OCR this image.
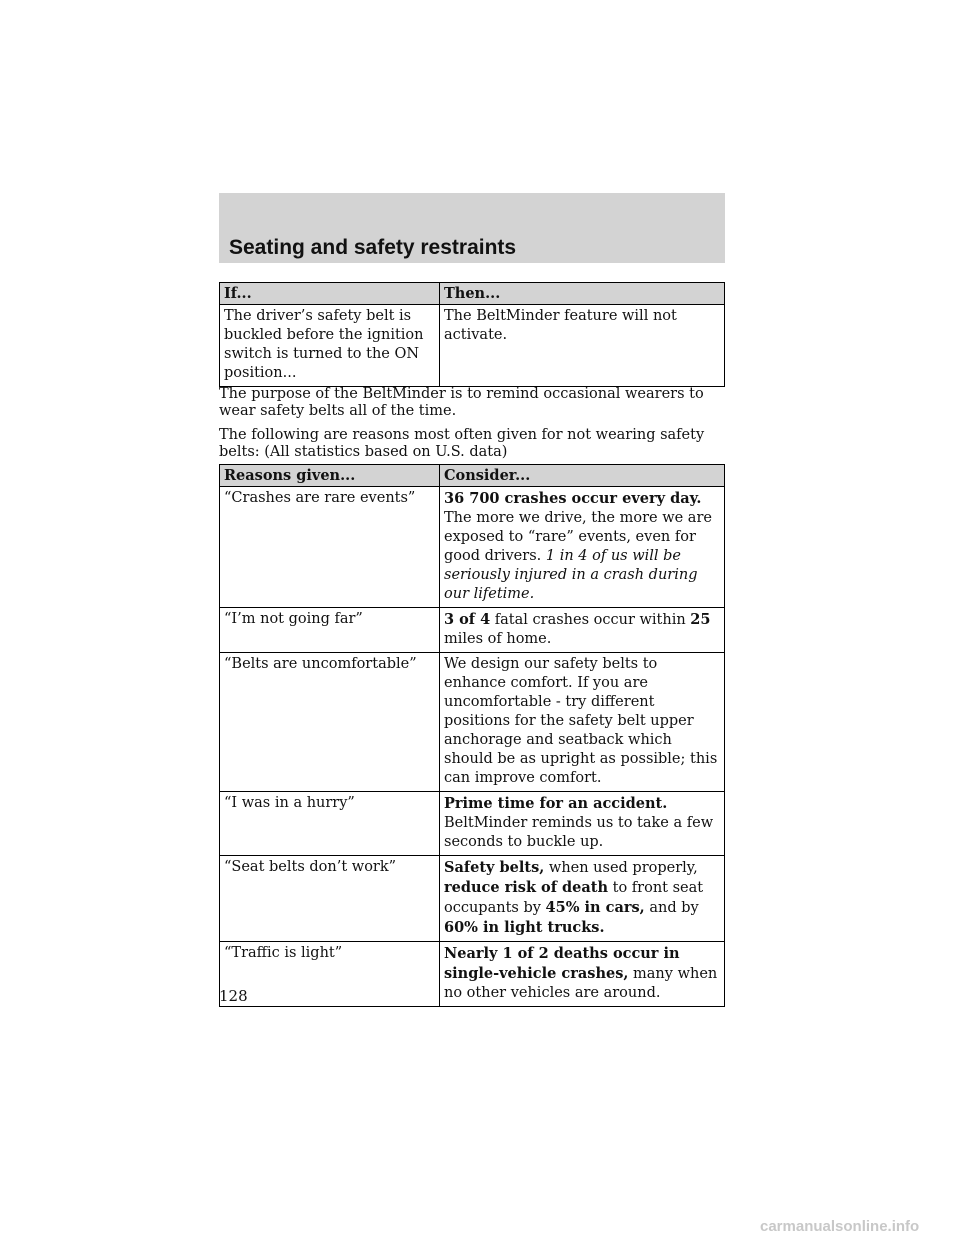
Seating and safety restraints
If...	Then...
The driver’s safety belt is buckled before the ignition switch is turned to the ON position...	The BeltMinder feature will not activate.

The purpose of the BeltMinder is to remind occasional wearers to wear safety belts all of the time.

The following are reasons most often given for not wearing safety belts: (All statistics based on U.S. data)

Reasons given...	Consider...
“Crashes are rare events”	36 700 crashes occur every day. The more we drive, the more we are exposed to “rare” events, even for good drivers. 1 in 4 of us will be seriously injured in a crash during our lifetime.
“I’m not going far”	3 of 4 fatal crashes occur within 25 miles of home.
“Belts are uncomfortable”	We design our safety belts to enhance comfort. If you are uncomfortable - try different positions for the safety belt upper anchorage and seatback which should be as upright as possible; this can improve comfort.
“I was in a hurry”	Prime time for an accident. BeltMinder reminds us to take a few seconds to buckle up.
“Seat belts don’t work”	Safety belts, when used properly, reduce risk of death to front seat occupants by 45% in cars, and by 60% in light trucks.
“Traffic is light”	Nearly 1 of 2 deaths occur in single-vehicle crashes, many when no other vehicles are around.
128
carmanualsonline.info
